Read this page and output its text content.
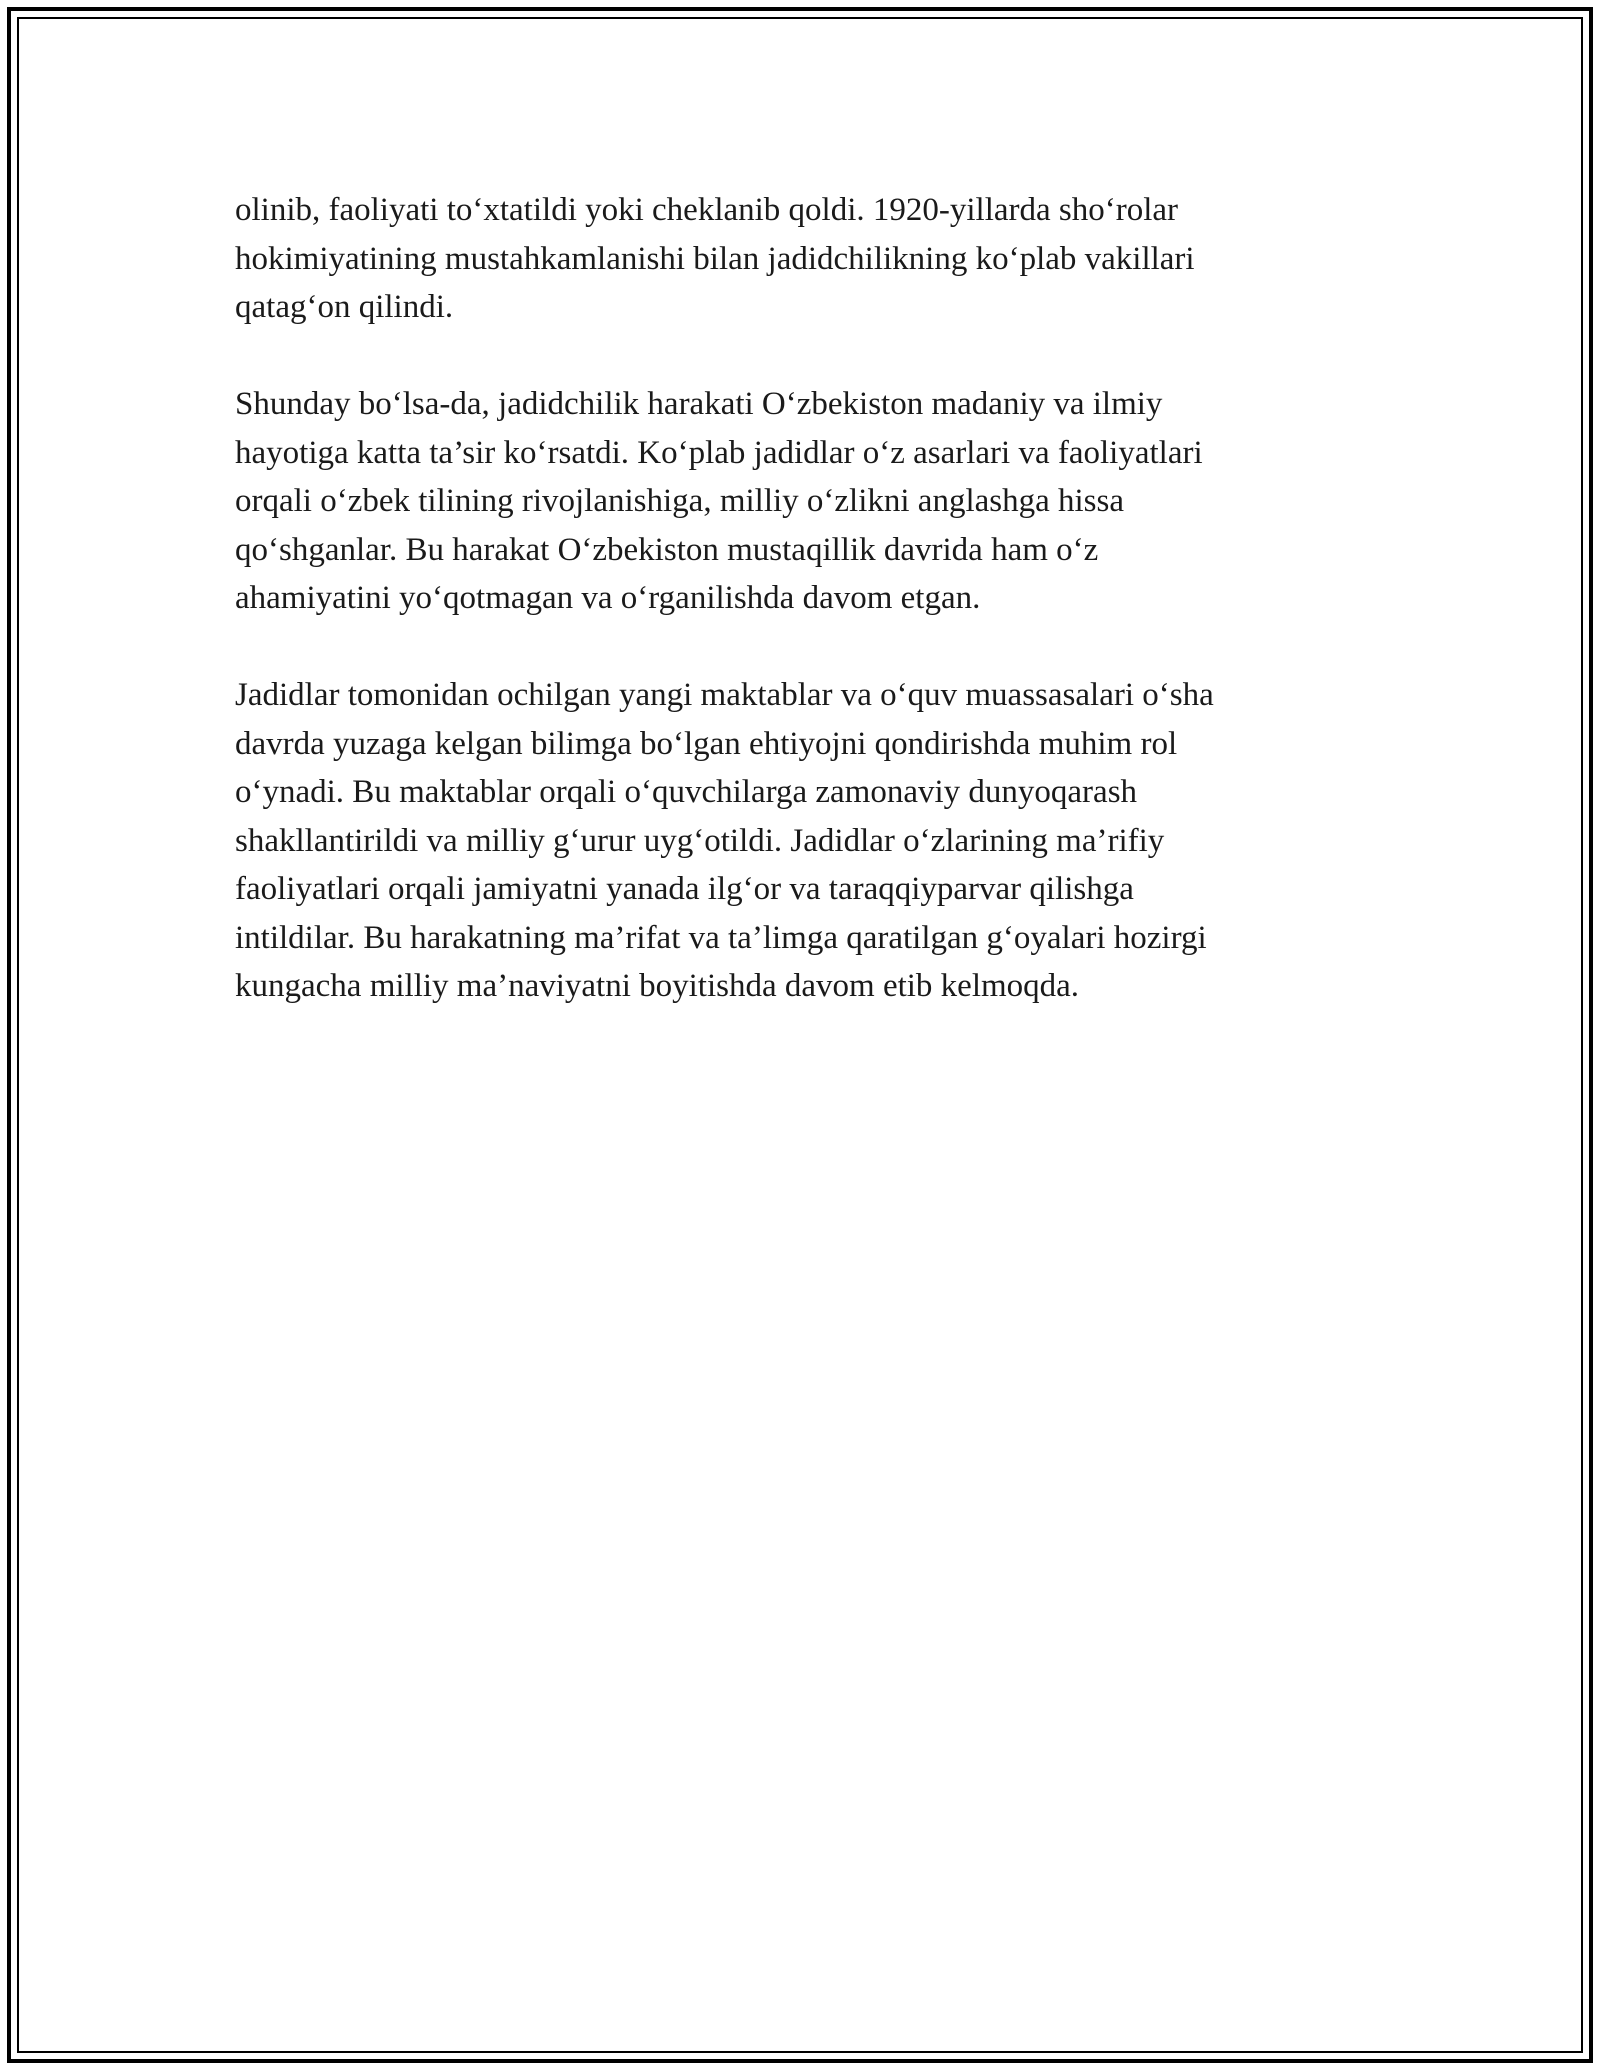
olinib, faoliyati to‘xtatildi yoki cheklanib qoldi. 1920-yillarda sho‘rolar
hokimiyatining mustahkamlanishi bilan jadidchilikning ko‘plab vakillari
qatag‘on qilindi.

Shunday bo‘lsa-da, jadidchilik harakati O‘zbekiston madaniy va ilmiy
hayotiga katta ta’sir ko‘rsatdi. Ko‘plab jadidlar o‘z asarlari va faoliyatlari
orqali o‘zbek tilining rivojlanishiga, milliy o‘zlikni anglashga hissa
qo‘shganlar. Bu harakat O‘zbekiston mustaqillik davrida ham o‘z
ahamiyatini yo‘qotmagan va o‘rganilishda davom etgan.

Jadidlar tomonidan ochilgan yangi maktablar va o‘quv muassasalari o‘sha
davrda yuzaga kelgan bilimga bo‘lgan ehtiyojni qondirishda muhim rol
o‘ynadi. Bu maktablar orqali o‘quvchilarga zamonaviy dunyoqarash
shakllantirildi va milliy g‘urur uyg‘otildi. Jadidlar o‘zlarining ma’rifiy
faoliyatlari orqali jamiyatni yanada ilg‘or va taraqqiyparvar qilishga
intildilar. Bu harakatning ma’rifat va ta’limga qaratilgan g‘oyalari hozirgi
kungacha milliy ma’naviyatni boyitishda davom etib kelmoqda.
